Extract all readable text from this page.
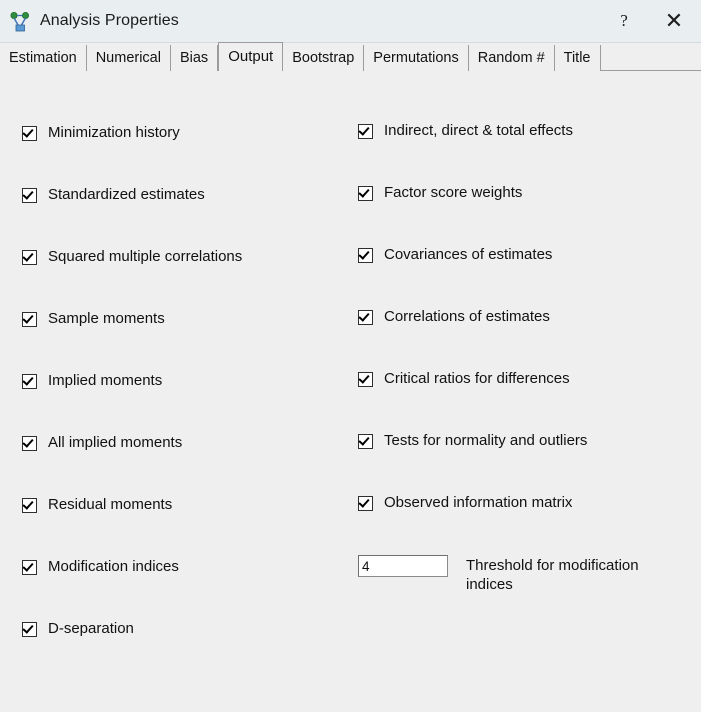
Analysis Properties	?	✕
Estimation	Numerical	Bias	Output	Bootstrap	Permutations	Random #	Title
Minimization history
Standardized estimates
Squared multiple correlations
Sample moments
Implied moments
All implied moments
Residual moments
Modification indices
D-separation
Indirect, direct & total effects
Factor score weights
Covariances of estimates
Correlations of estimates
Critical ratios for differences
Tests for normality and outliers
Observed information matrix
4
Threshold for modification indices
